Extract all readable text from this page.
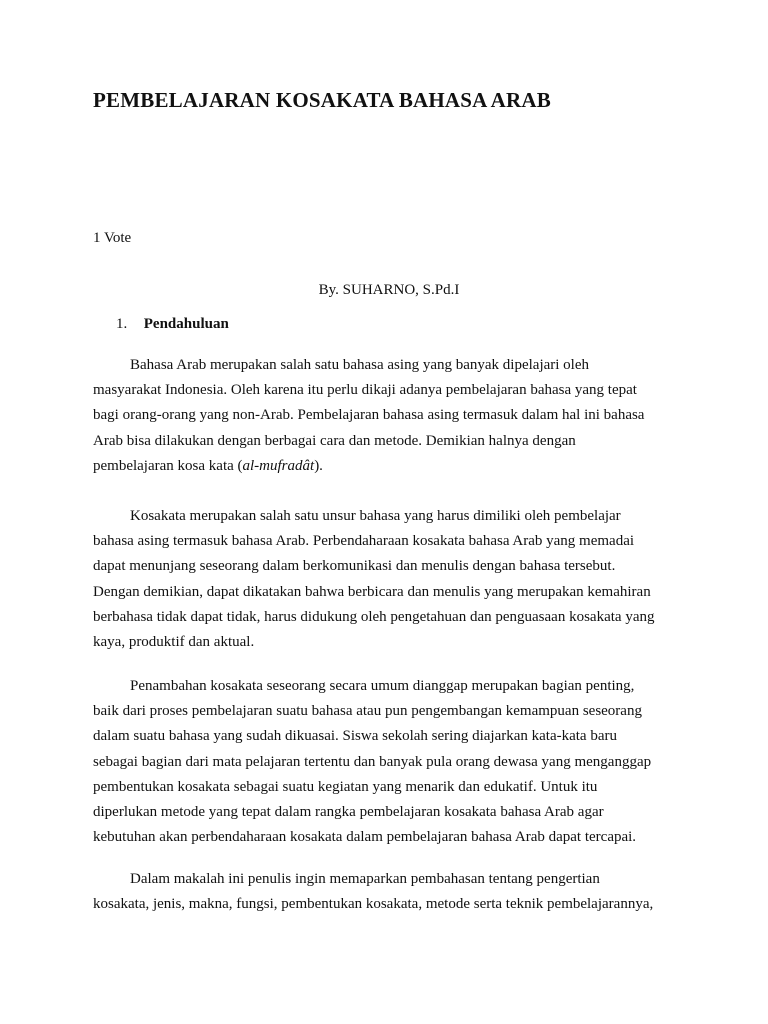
PEMBELAJARAN KOSAKATA BAHASA ARAB
1 Vote
By. SUHARNO, S.Pd.I
1. Pendahuluan
Bahasa Arab merupakan salah satu bahasa asing yang banyak dipelajari oleh
masyarakat Indonesia. Oleh karena itu perlu dikaji adanya pembelajaran bahasa yang tepat
bagi orang-orang yang non-Arab. Pembelajaran bahasa asing termasuk dalam hal ini bahasa
Arab bisa dilakukan dengan berbagai cara dan metode. Demikian halnya dengan
pembelajaran kosa kata (al-mufradât).
Kosakata merupakan salah satu unsur bahasa yang harus dimiliki oleh pembelajar
bahasa asing termasuk bahasa Arab. Perbendaharaan kosakata bahasa Arab yang memadai
dapat menunjang seseorang dalam berkomunikasi dan menulis dengan bahasa tersebut.
Dengan demikian, dapat dikatakan bahwa berbicara dan menulis yang merupakan kemahiran
berbahasa tidak dapat tidak, harus didukung oleh pengetahuan dan penguasaan kosakata yang
kaya, produktif dan aktual.
Penambahan kosakata seseorang secara umum dianggap merupakan bagian penting,
baik dari proses pembelajaran suatu bahasa atau pun pengembangan kemampuan seseorang
dalam suatu bahasa yang sudah dikuasai. Siswa sekolah sering diajarkan kata-kata baru
sebagai bagian dari mata pelajaran tertentu dan banyak pula orang dewasa yang menganggap
pembentukan kosakata sebagai suatu kegiatan yang menarik dan edukatif. Untuk itu
diperlukan metode yang tepat dalam rangka pembelajaran kosakata bahasa Arab agar
kebutuhan akan perbendaharaan kosakata dalam pembelajaran bahasa Arab dapat tercapai.
Dalam makalah ini penulis ingin memaparkan pembahasan tentang pengertian
kosakata, jenis, makna, fungsi, pembentukan kosakata, metode serta teknik pembelajarannya,
